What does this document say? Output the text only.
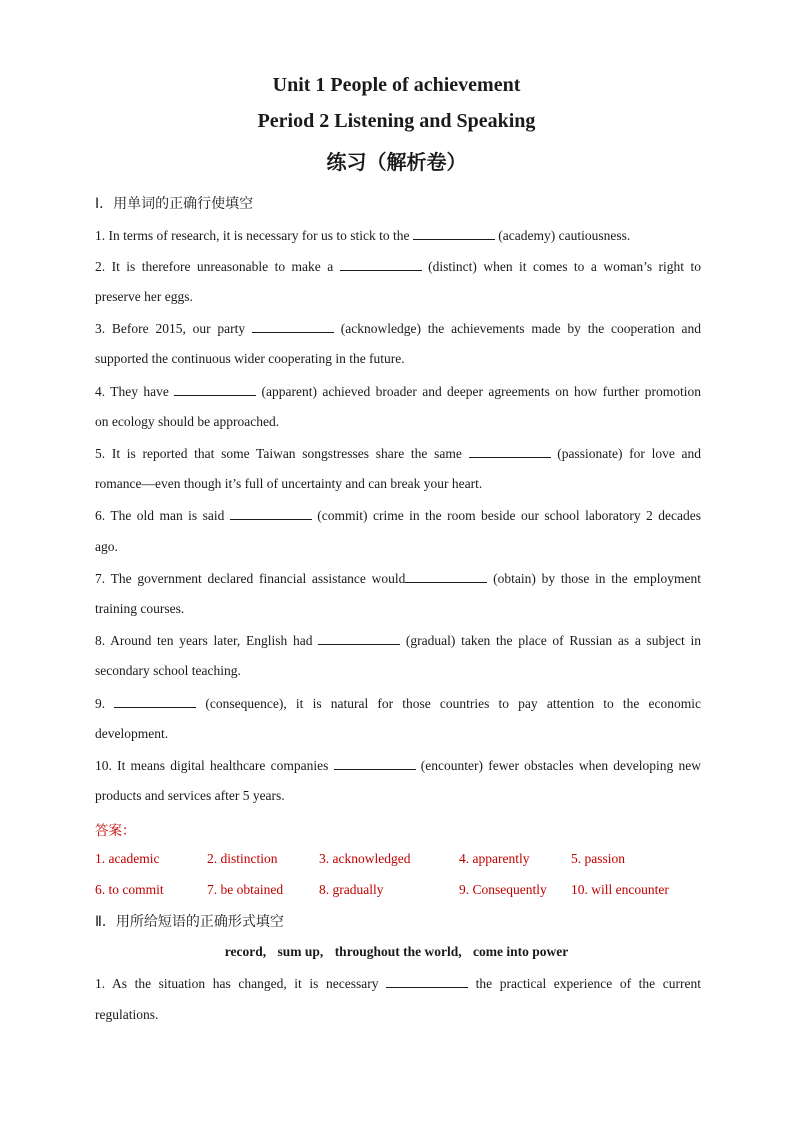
Unit 1 People of achievement
Period 2 Listening and Speaking
练习（解析卷）
Ⅰ．用单词的正确行使填空
1. In terms of research, it is necessary for us to stick to the	(academy) cautiousness.
2. It is therefore unreasonable to make a	(distinct) when it comes to a woman’s right to
preserve her eggs.
3. Before 2015, our party	(acknowledge) the achievements made by the cooperation and
supported the continuous wider cooperating in the future.
4. They have	(apparent) achieved broader and deeper agreements on how further promotion
on ecology should be approached.
5. It is reported that some Taiwan songstresses share the same	(passionate) for love and
romance—even though it’s full of uncertainty and can break your heart.
6. The old man is said	(commit) crime in the room beside our school laboratory 2 decades
ago.
7. The government declared financial assistance would	(obtain) by those in the employment
training courses.
8. Around ten years later, English had	(gradual) taken the place of Russian as a subject in
secondary school teaching.
9.	(consequence), it is natural for those countries to pay attention to the economic
development.
10. It means digital healthcare companies	(encounter) fewer obstacles when developing new
products and services after 5 years.
答案：
1. academic	2. distinction	3. acknowledged	4. apparently	5. passion
6. to commit	7. be obtained	8. gradually	9. Consequently 10. will encounter
Ⅱ．用所给短语的正确形式填空
record, sum up, throughout the world, come into power
1. As the situation has changed, it is necessary	the practical experience of the current
regulations.
